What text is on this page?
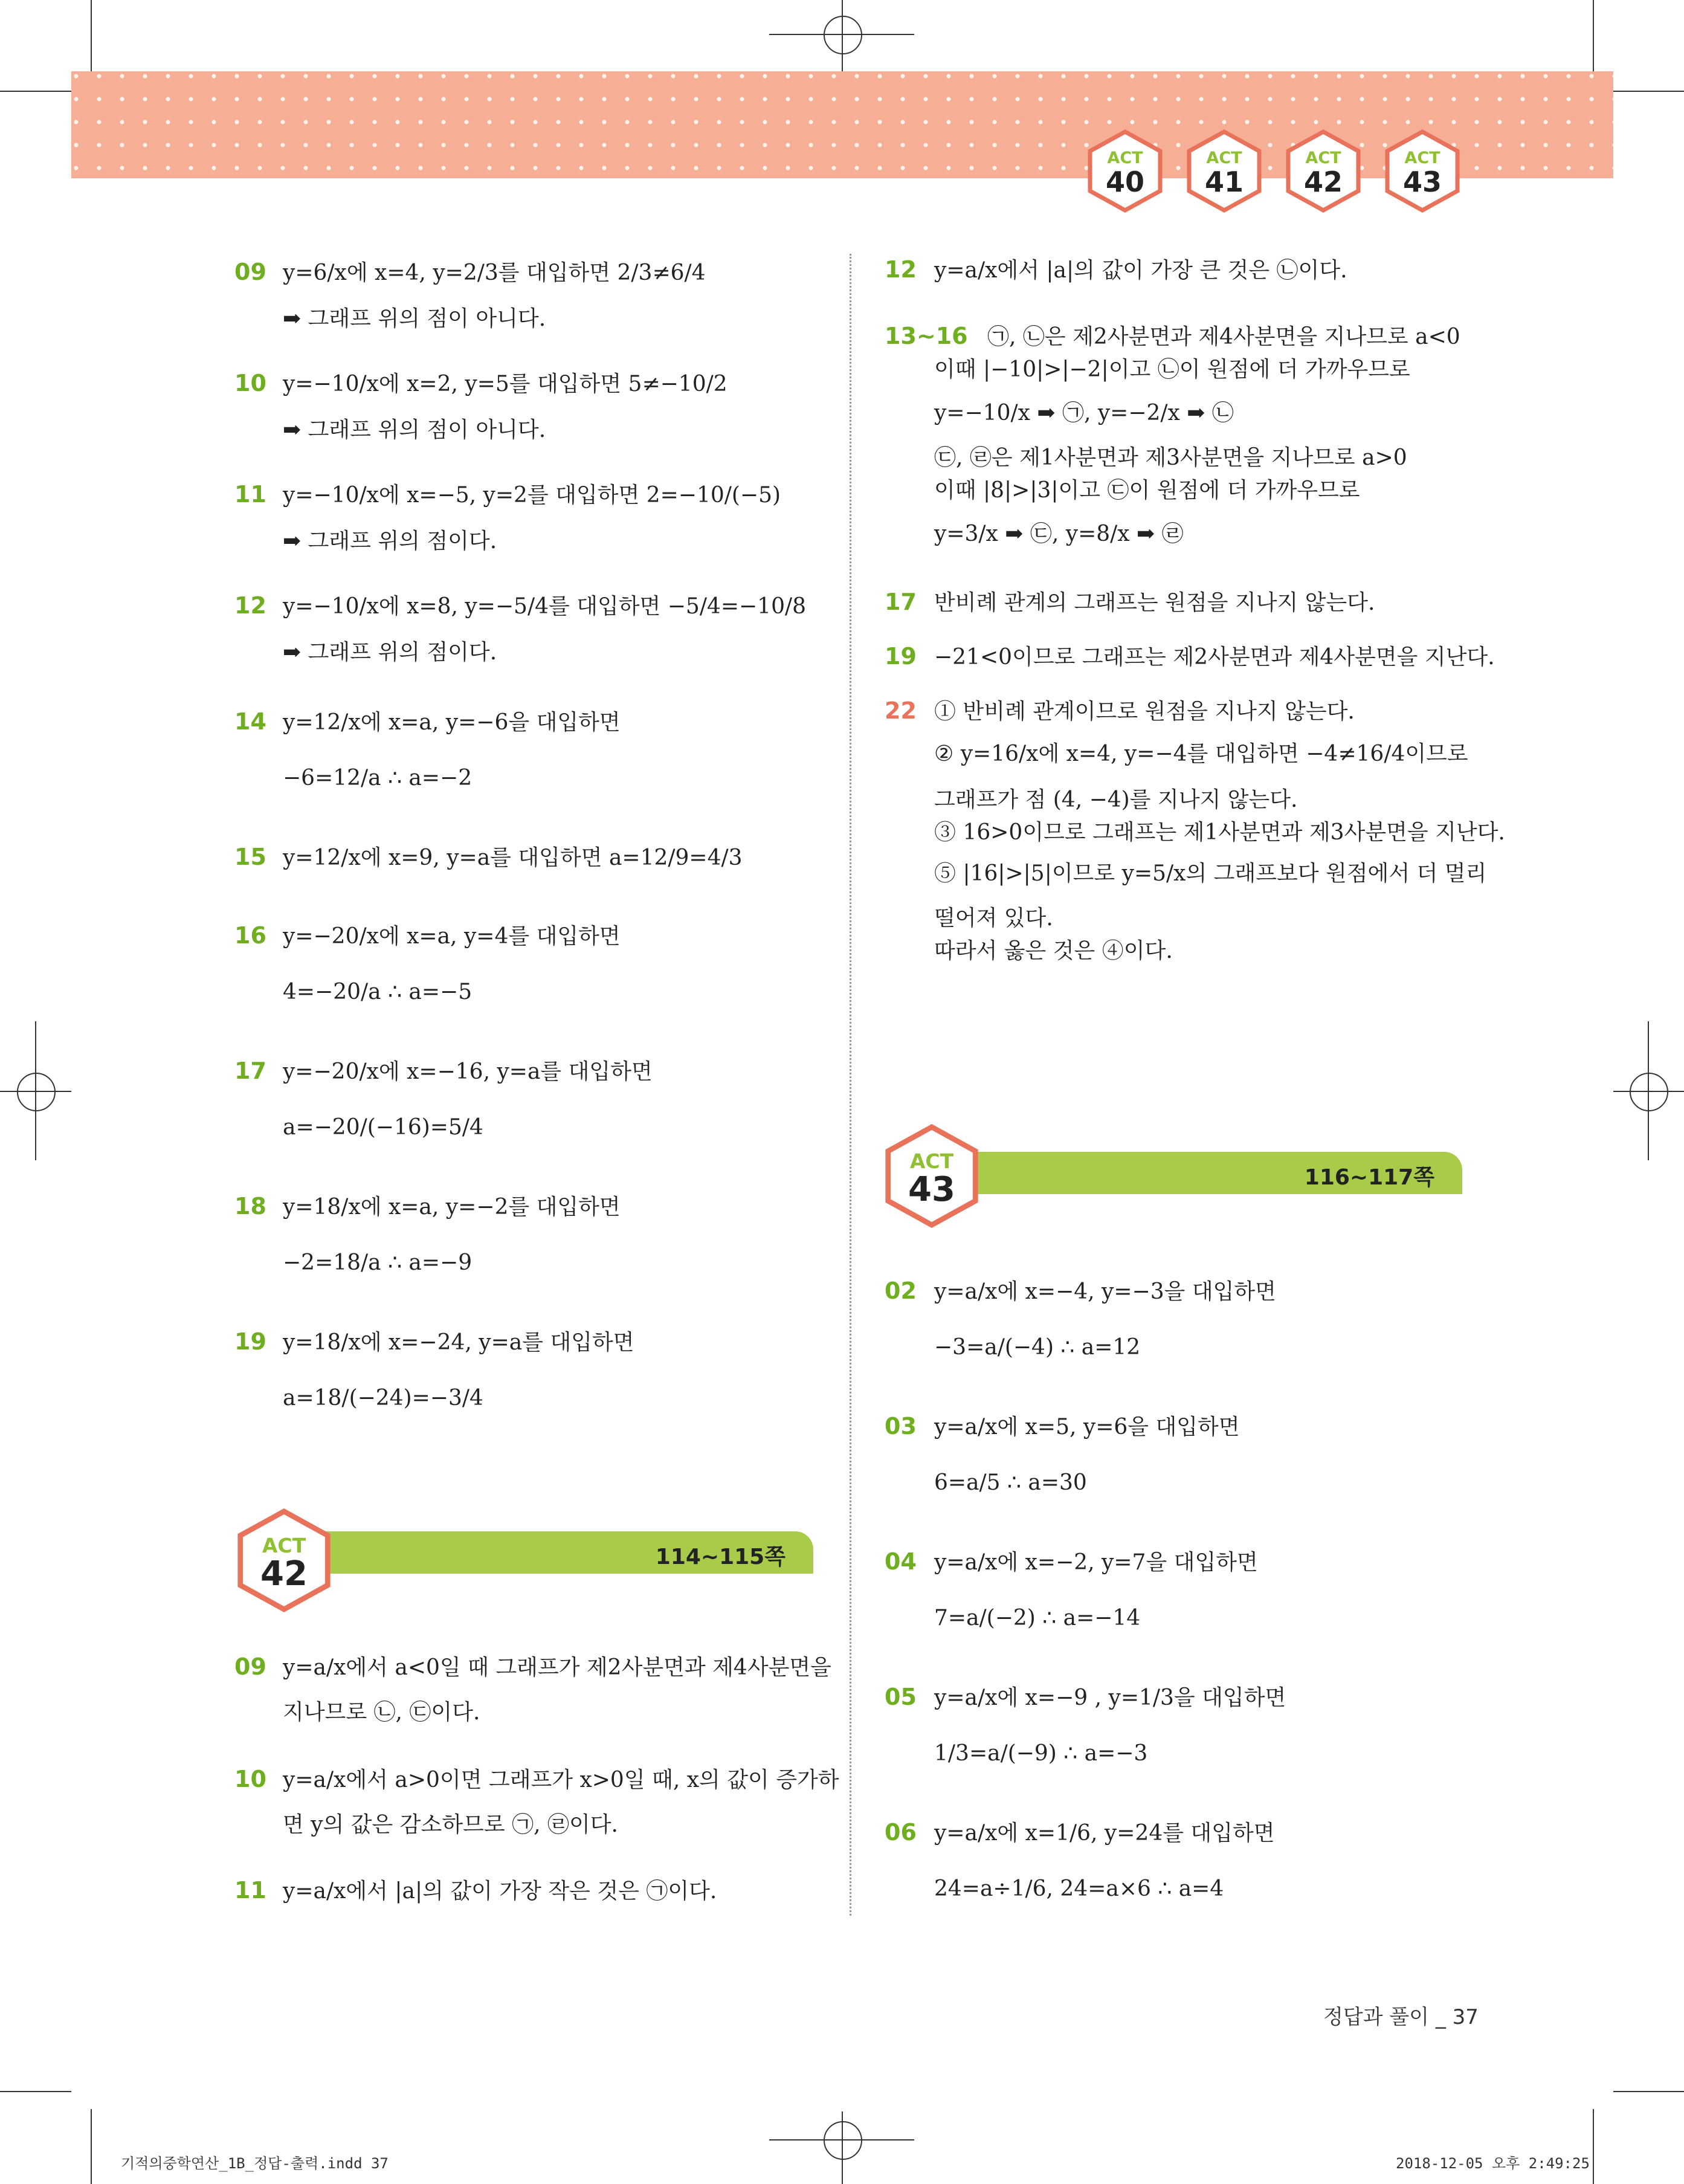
ACT
40
ACT
41
ACT
42
ACT
43
09 y=6/x에 x=4, y=2/3를 대입하면 2/3≠6/4
➡ 그래프 위의 점이 아니다.
10 y=−10/x에 x=2, y=5를 대입하면 5≠−10/2
➡ 그래프 위의 점이 아니다.
11 y=−10/x에 x=−5, y=2를 대입하면 2=−10/(−5)
➡ 그래프 위의 점이다.
12 y=−10/x에 x=8, y=−5/4를 대입하면 −5/4=−10/8
➡ 그래프 위의 점이다.
14 y=12/x에 x=a, y=−6을 대입하면
−6=12/a ∴ a=−2
15 y=12/x에 x=9, y=a를 대입하면 a=12/9=4/3
16 y=−20/x에 x=a, y=4를 대입하면
4=−20/a ∴ a=−5
17 y=−20/x에 x=−16, y=a를 대입하면
a=−20/(−16)=5/4
18 y=18/x에 x=a, y=−2를 대입하면
−2=18/a ∴ a=−9
19 y=18/x에 x=−24, y=a를 대입하면
a=18/(−24)=−3/4
114~115쪽
ACT
42
09 y=a/x에서 a<0일 때 그래프가 제2사분면과 제4사분면을
지나므로 ㉡, ㉢이다.
10 y=a/x에서 a>0이면 그래프가 x>0일 때, x의 값이 증가하
면 y의 값은 감소하므로 ㉠, ㉣이다.
11 y=a/x에서 |a|의 값이 가장 작은 것은 ㉠이다.
12 y=a/x에서 |a|의 값이 가장 큰 것은 ㉡이다.
13~16 ㉠, ㉡은 제2사분면과 제4사분면을 지나므로 a<0
이때 |−10|>|−2|이고 ㉡이 원점에 더 가까우므로
y=−10/x ➡ ㉠, y=−2/x ➡ ㉡
㉢, ㉣은 제1사분면과 제3사분면을 지나므로 a>0
이때 |8|>|3|이고 ㉢이 원점에 더 가까우므로
y=3/x ➡ ㉢, y=8/x ➡ ㉣
17 반비례 관계의 그래프는 원점을 지나지 않는다.
19 −21<0이므로 그래프는 제2사분면과 제4사분면을 지난다.
22 ① 반비례 관계이므로 원점을 지나지 않는다.
② y=16/x에 x=4, y=−4를 대입하면 −4≠16/4이므로
그래프가 점 (4, −4)를 지나지 않는다.
③ 16>0이므로 그래프는 제1사분면과 제3사분면을 지난다.
⑤ |16|>|5|이므로 y=5/x의 그래프보다 원점에서 더 멀리
떨어져 있다.
따라서 옳은 것은 ④이다.
116~117쪽
ACT
43
02 y=a/x에 x=−4, y=−3을 대입하면
−3=a/(−4) ∴ a=12
03 y=a/x에 x=5, y=6을 대입하면
6=a/5 ∴ a=30
04 y=a/x에 x=−2, y=7을 대입하면
7=a/(−2) ∴ a=−14
05 y=a/x에 x=−9 , y=1/3을 대입하면
1/3=a/(−9) ∴ a=−3
06 y=a/x에 x=1/6, y=24를 대입하면
24=a÷1/6, 24=a×6 ∴ a=4
정답과 풀이 _ 37
기적의중학연산_1B_정답-출력.indd 37	2018-12-05 오후 2:49:25
